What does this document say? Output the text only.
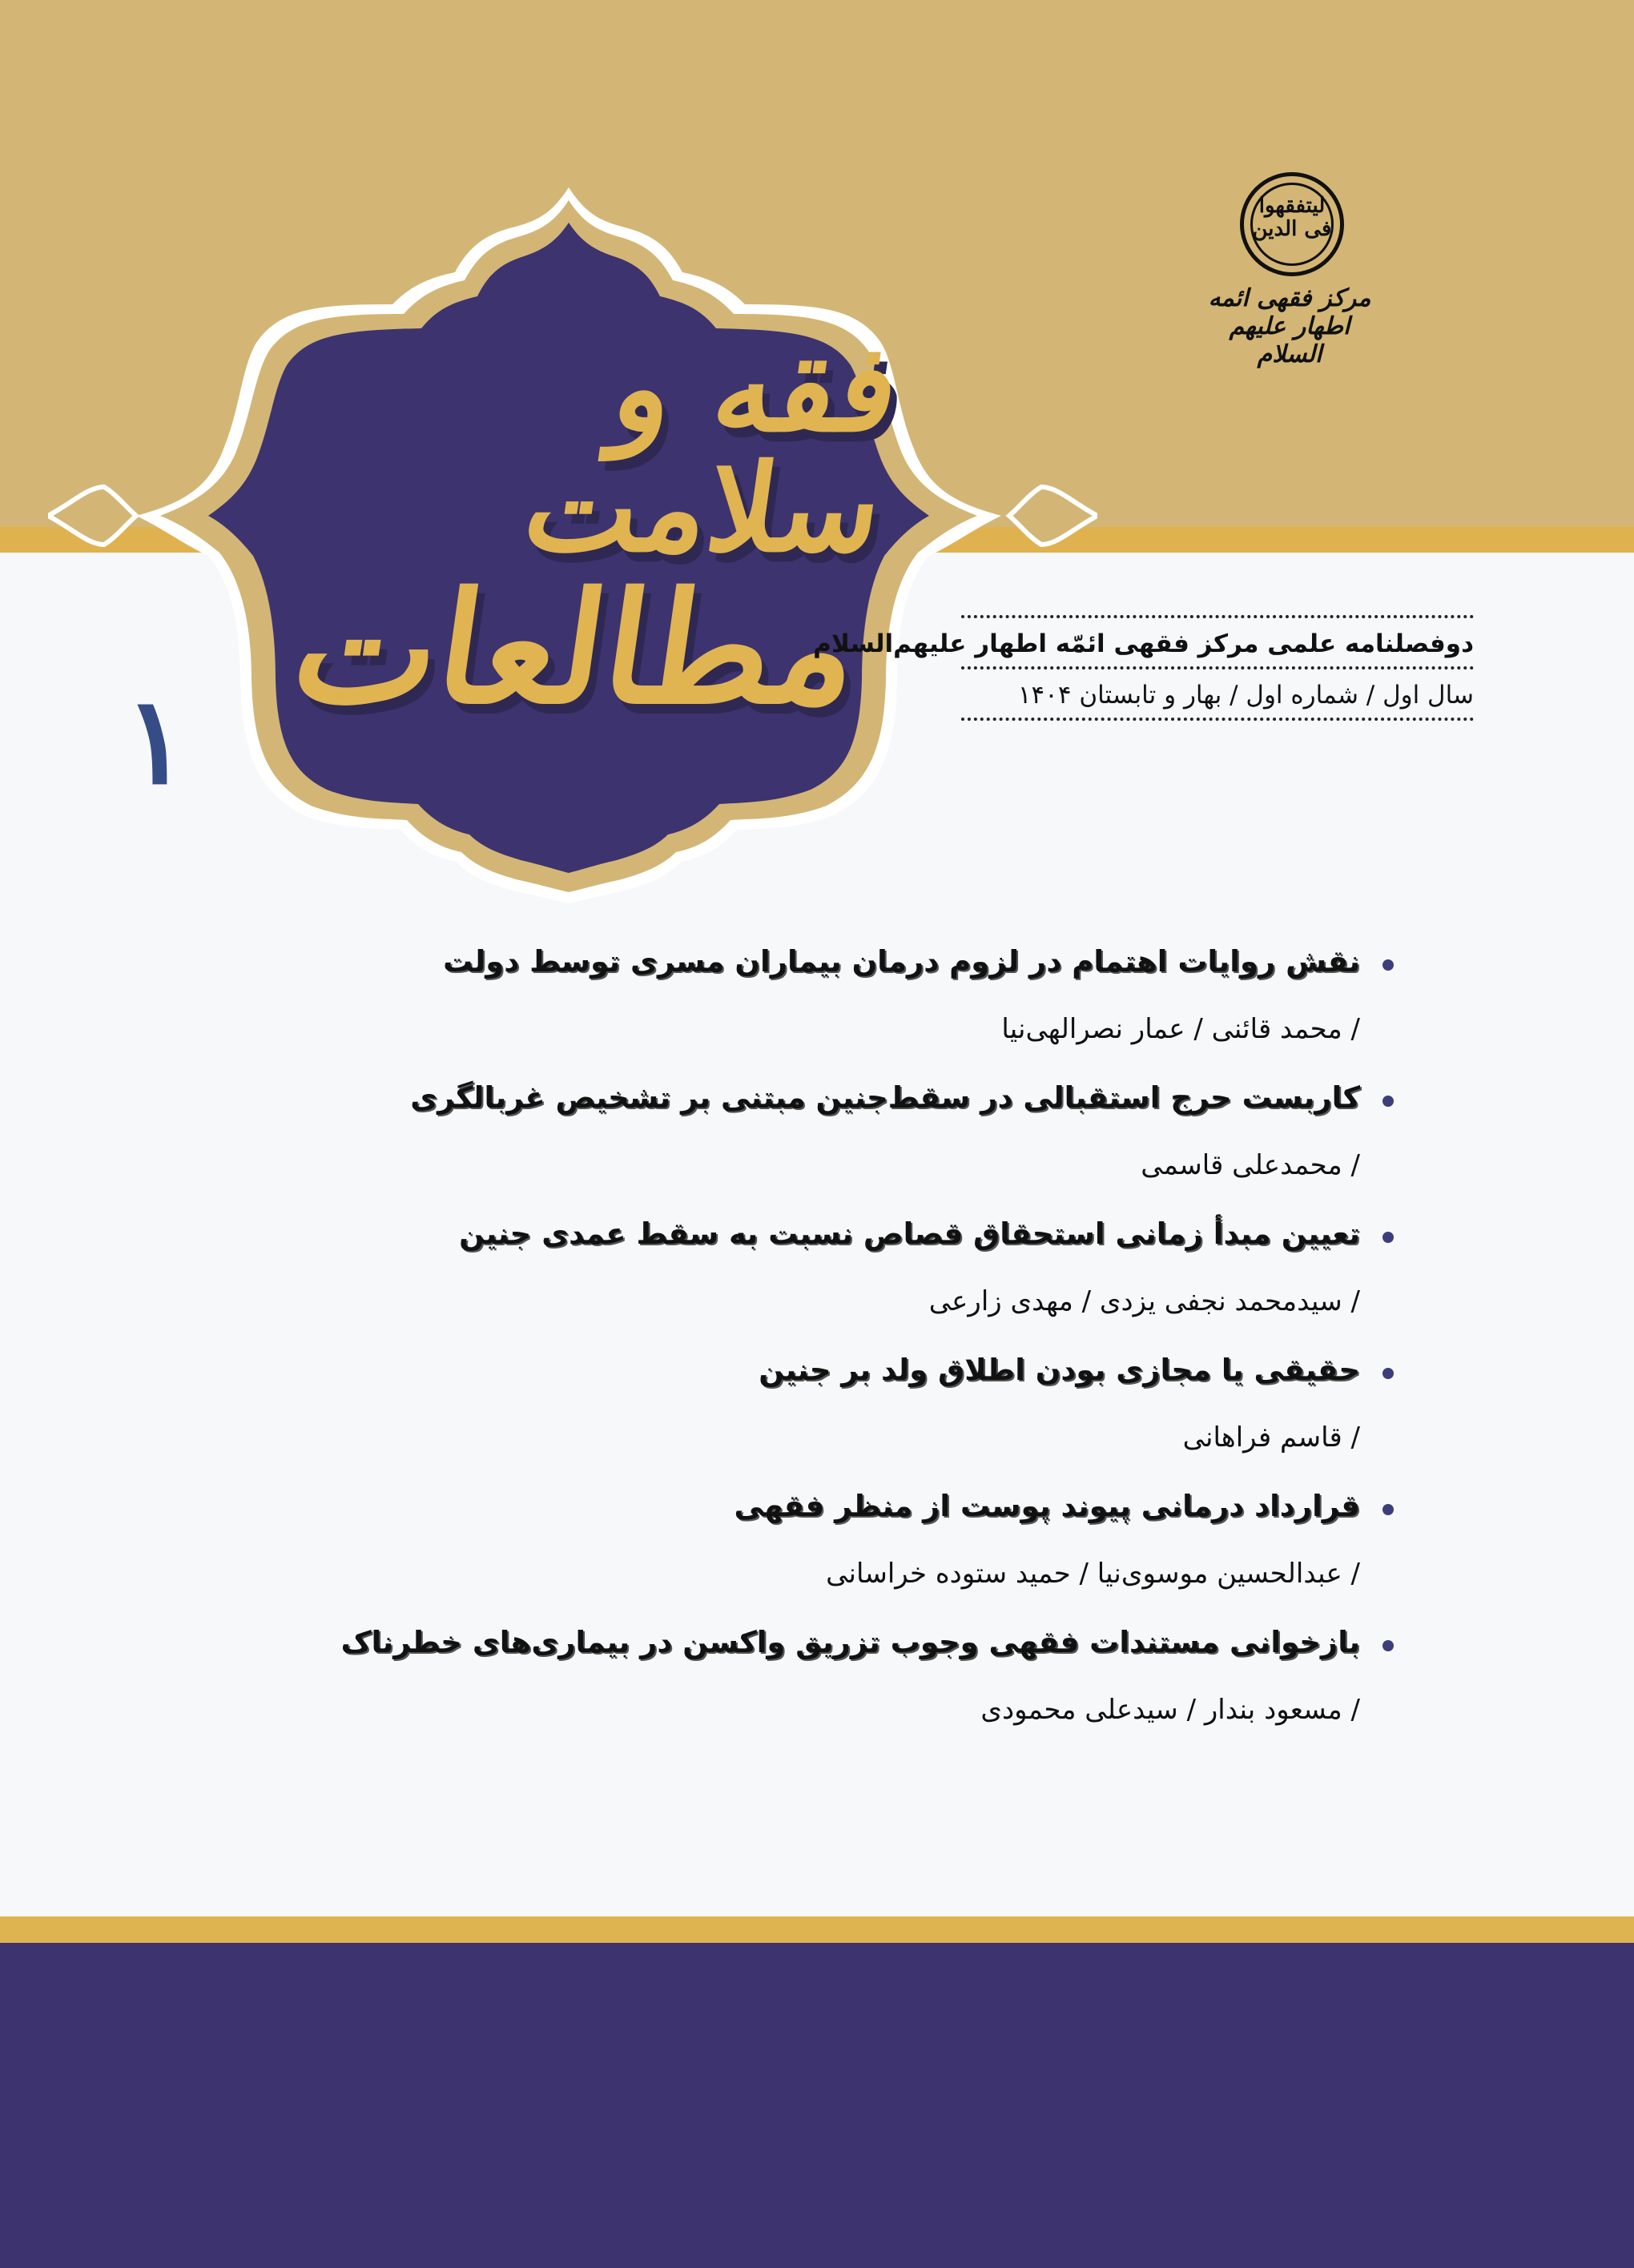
فقه و سلامت
مطالعات
لیتفقهوا فی الدین
مرکز فقهی ائمه اطهار علیهم السلام
دوفصلنامه علمی مرکز فقهی ائمّه اطهار علیهم‌السلام
سال اول / شماره اول / بهار و تابستان ۱۴۰۴
۱
نقش روایات اهتمام در لزوم درمان بیماران مسری توسط دولت
/ محمد قائنی / عمار نصرالهی‌نیا
کاربست حرج استقبالی در سقط‌جنین مبتنی بر تشخیص غربالگری
/ محمدعلی قاسمی
تعیین مبدأ زمانی استحقاق قصاص نسبت به سقط عمدی جنین
/ سیدمحمد نجفی یزدی / مهدی زارعی
حقیقی یا مجازی بودن اطلاق ولد بر جنین
/ قاسم فراهانی
قرارداد درمانی پیوند پوست از منظر فقهی
/ عبدالحسین موسوی‌نیا / حمید ستوده خراسانی
بازخوانی مستندات فقهی وجوب تزریق واکسن در بیماری‌های خطرناک
/ مسعود بندار / سیدعلی محمودی
